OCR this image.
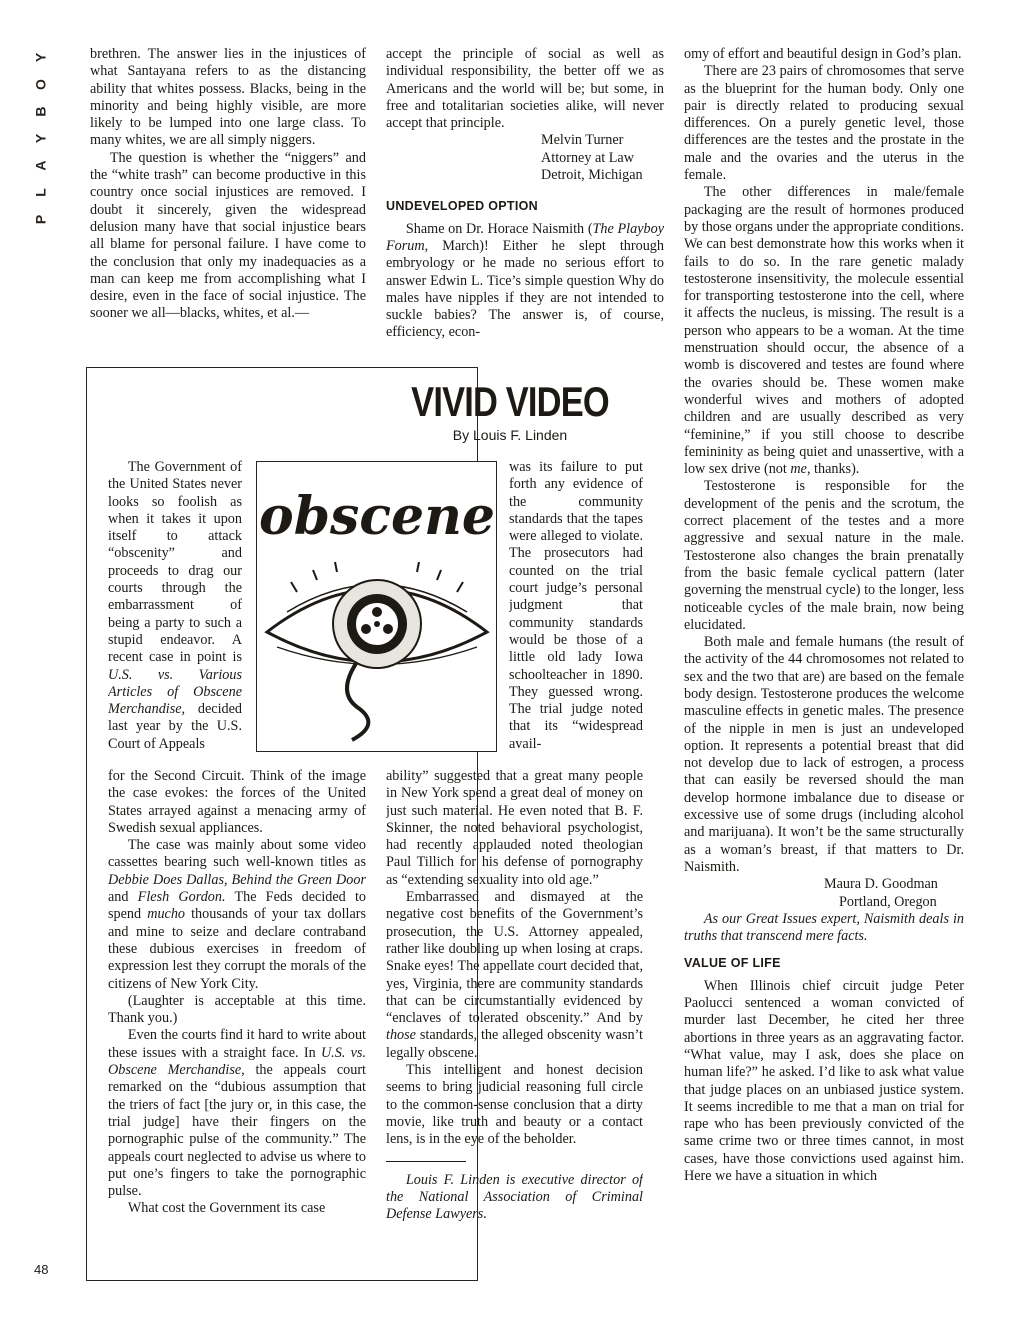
Y
O
B
Y
A
L
P

brethren. The answer lies in the injustices of what Santayana refers to as the distancing ability that whites possess. Blacks, being in the minority and being highly visible, are more likely to be lumped into one large class. To many whites, we are all simply niggers.

The question is whether the “niggers” and the “white trash” can become productive in this country once social injustices are removed. I doubt it sincerely, given the widespread delusion many have that social injustice bears all blame for personal failure. I have come to the conclusion that only my inadequacies as a man can keep me from accomplishing what I desire, even in the face of social injustice. The sooner we all—blacks, whites, et al.—

accept the principle of social as well as individual responsibility, the better off we as Americans and the world will be; but some, in free and totalitarian societies alike, will never accept that principle.

Melvin Turner
Attorney at Law
Detroit, Michigan
UNDEVELOPED OPTION

Shame on Dr. Horace Naismith (The Playboy Forum, March)! Either he slept through embryology or he made no serious effort to answer Edwin L. Tice’s simple question Why do males have nipples if they are not intended to suckle babies? The answer is, of course, efficiency, econ-

omy of effort and beautiful design in God’s plan.

There are 23 pairs of chromosomes that serve as the blueprint for the human body. Only one pair is directly related to producing sexual differences. On a purely genetic level, those differences are the testes and the prostate in the male and the ovaries and the uterus in the female.

The other differences in male/female packaging are the result of hormones produced by those organs under the appropriate conditions. We can best demonstrate how this works when it fails to do so. In the rare genetic malady testosterone insensitivity, the molecule essential for transporting testosterone into the cell, where it affects the nucleus, is missing. The result is a person who appears to be a woman. At the time menstruation should occur, the absence of a womb is discovered and testes are found where the ovaries should be. These women make wonderful wives and mothers of adopted children and are usually described as very “feminine,” if you still choose to describe femininity as being quiet and unassertive, with a low sex drive (not me, thanks).

Testosterone is responsible for the development of the penis and the scrotum, the correct placement of the testes and a more aggressive and sexual nature in the male. Testosterone also changes the brain prenatally from the basic female cyclical pattern (later governing the menstrual cycle) to the longer, less noticeable cycles of the male brain, now being elucidated.

Both male and female humans (the result of the activity of the 44 chromosomes not related to sex and the two that are) are based on the female body design. Testosterone produces the welcome masculine effects in genetic males. The presence of the nipple in men is just an undeveloped option. It represents a potential breast that did not develop due to lack of estrogen, a process that can easily be reversed should the man develop hormone imbalance due to disease or excessive use of some drugs (including alcohol and marijuana). It won’t be the same structurally as a woman’s breast, if that matters to Dr. Naismith.

Maura D. Goodman
Portland, Oregon

As our Great Issues expert, Naismith deals in truths that transcend mere facts.

VALUE OF LIFE

When Illinois chief circuit judge Peter Paolucci sentenced a woman convicted of murder last December, he cited her three abortions in three years as an aggravating factor. “What value, may I ask, does she place on human life?” he asked. I’d like to ask what value that judge places on an unbiased justice system. It seems incredible to me that a man on trial for rape who has been previously convicted of the same crime two or three times cannot, in most cases, have those convictions used against him. Here we have a situation in which

VIVID VIDEO
By Louis F. Linden
obscene

The Government of the United States never looks so foolish as when it takes it upon itself to attack “obscenity” and proceeds to drag our courts through the embarrassment of being a party to such a stupid endeavor. A recent case in point is U.S. vs. Various Articles of Obscene Merchandise, decided last year by the U.S. Court of Appeals

was its failure to put forth any evidence of the community standards that the tapes were alleged to violate. The prosecutors had counted on the trial court judge’s personal judgment that community standards would be those of a little old lady Iowa schoolteacher in 1890. They guessed wrong. The trial judge noted that its “widespread avail-

for the Second Circuit. Think of the image the case evokes: the forces of the United States arrayed against a menacing army of Swedish sexual appliances.

The case was mainly about some video cassettes bearing such well-known titles as Debbie Does Dallas, Behind the Green Door and Flesh Gordon. The Feds decided to spend mucho thousands of your tax dollars and mine to seize and declare contraband these dubious exercises in freedom of expression lest they corrupt the morals of the citizens of New York City.

(Laughter is acceptable at this time. Thank you.)

Even the courts find it hard to write about these issues with a straight face. In U.S. vs. Obscene Merchandise, the appeals court remarked on the “dubious assumption that the triers of fact [the jury or, in this case, the trial judge] have their fingers on the pornographic pulse of the community.” The appeals court neglected to advise us where to put one’s fingers to take the pornographic pulse.

What cost the Government its case

ability” suggested that a great many people in New York spend a great deal of money on just such material. He even noted that B. F. Skinner, the noted behavioral psychologist, had recently applauded noted theologian Paul Tillich for his defense of pornography as “extending sexuality into old age.”

Embarrassed and dismayed at the negative cost benefits of the Government’s prosecution, the U.S. Attorney appealed, rather like doubling up when losing at craps. Snake eyes! The appellate court decided that, yes, Virginia, there are community standards that can be circumstantially evidenced by “enclaves of tolerated obscenity.” And by those standards, the alleged obscenity wasn’t legally obscene.

This intelligent and honest decision seems to bring judicial reasoning full circle to the common-sense conclusion that a dirty movie, like truth and beauty or a contact lens, is in the eye of the beholder.

Louis F. Linden is executive director of the National Association of Criminal Defense Lawyers.

48
